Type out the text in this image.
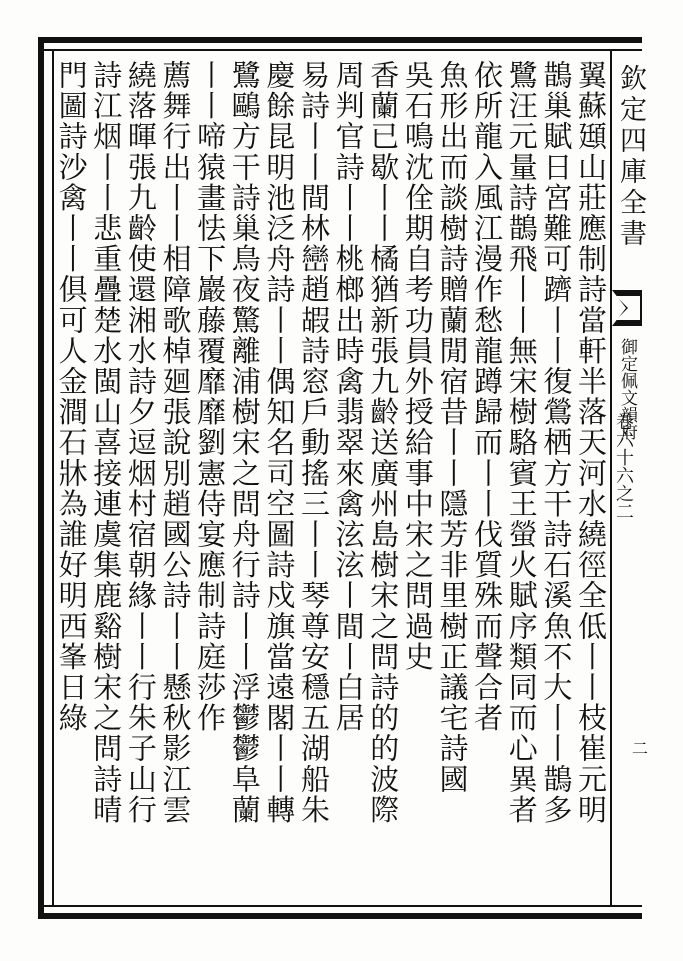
欽定四庫全書
御定佩文韻府
卷六十六之二
二
翼蘇頲山莊應制詩當軒半落天河水繞徑全低丨丨枝崔元明
鵲巢賦日宮難可躋丨丨復鶯栖方干詩石溪魚不大丨丨鵲多
鷺汪元量詩鵲飛丨丨無宋樹駱賓王螢火賦序類同而心異者
依所龍入風江漫作愁龍蹲歸而丨丨伐質殊而聲合者
魚形出而談樹詩贈蘭閒宿昔丨丨隱芳非里樹正議宅詩國
吳石鳴沈佺期自考功員外授給事中宋之問過史
香蘭已歇丨丨橘猶新張九齡送廣州島樹宋之問詩的的波際
周判官詩丨丨桃榔出時禽翡翠來禽泫泫丨間丨白居
易詩丨丨間林巒趙嘏詩窓戶動搖三丨丨琴尊安穩五湖船朱
慶餘昆明池泛舟詩丨丨偶知名司空圖詩戍旗當遠閣丨丨轉
鷺鷗方干詩巢鳥夜驚離浦樹宋之問舟行詩丨丨浮鬱鬱阜蘭
丨丨啼猿畫怯下巖藤覆靡靡劉憲侍宴應制詩庭莎作
薦舞行出丨丨相障歌棹廻張說別趙國公詩丨丨懸秋影江雲
繞落暉張九齡使還湘水詩夕逗烟村宿朝緣丨丨行朱子山行
詩江烟丨丨悲重疊楚水閩山喜接連虞集鹿谿樹宋之問詩晴
門圖詩沙禽丨丨俱可人金澗石牀為誰好明西峯日綠
